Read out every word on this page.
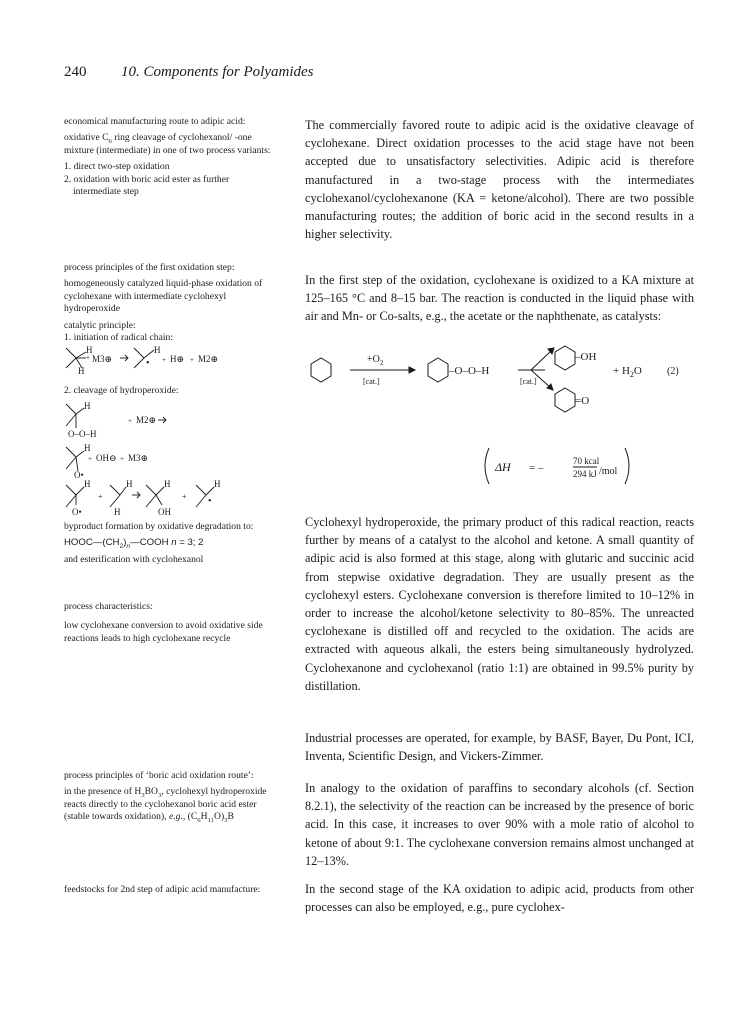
240 10. Components for Polyamides

economical manufacturing route to adipic acid:

oxidative $C_6$ ring cleavage of cyclohexanol/ -one mixture (intermediate) in one of two process variants:

1. direct two-step oxidation
2. oxidation with boric acid ester as further intermediate step

process principles of the first oxidation step:

homogeneously catalyzed liquid-phase oxidation of cyclohexane with intermediate cyclohexyl hydroperoxide

catalytic principle:

1. initiation of radical chain:
H
M3⊕
H
+	•
H
+ H⊕ + M2⊕
H
+ M2⊕
O–O–H
H
+ OH⊖ + M3⊕
O•
H
O•
+
H
H
H
OH
+
H
•
2. cleavage of hydroperoxide:

byproduct formation by oxidative degradation to:

$HOOC—(CH_2)_n—COOH$ n = 3; 2

and esterification with cyclohexanol

process characteristics:

low cyclohexane conversion to avoid oxidative side reactions leads to high cyclohexane recycle

process principles of ‘boric acid oxidation route’:

in the presence of $H_3BO_3$, cyclohexyl hydroperoxide reacts directly to the cyclohexanol boric acid ester (stable towards oxidation), e.g., $(C_6H_{11}O)_3B$

feedstocks for 2nd step of adipic acid manufacture:

The commercially favored route to adipic acid is the oxidative cleavage of cyclohexane. Direct oxidation processes to the acid stage have not been accepted due to unsatisfactory selectivities. Adipic acid is therefore manufactured in a two-stage process with the intermediates cyclohexanol/cyclohexanone (KA = ketone/alcohol). There are two possible manufacturing routes; the addition of boric acid in the second results in a higher selectivity.

In the first step of the oxidation, cyclohexane is oxidized to a KA mixture at 125–165 °C and 8–15 bar. The reaction is conducted in the liquid phase with air and Mn- or Co-salts, e.g., the acetate or the naphthenate, as catalysts:

$+O_2$
[cat.]
–O–O–H
[cat.]
–OH
=O
+ $H_2O$	(2)
ΔH = –
70 kcal
294 kJ /mol

Cyclohexyl hydroperoxide, the primary product of this radical reaction, reacts further by means of a catalyst to the alcohol and ketone. A small quantity of adipic acid is also formed at this stage, along with glutaric and succinic acid from stepwise oxidative degradation. They are usually present as the cyclohexyl esters. Cyclohexane conversion is therefore limited to 10–12% in order to increase the alcohol/ketone selectivity to 80–85%. The unreacted cyclohexane is distilled off and recycled to the oxidation. The acids are extracted with aqueous alkali, the esters being simultaneously hydrolyzed. Cyclohexanone and cyclohexanol (ratio 1:1) are obtained in 99.5% purity by distillation.

Industrial processes are operated, for example, by BASF, Bayer, Du Pont, ICI, Inventa, Scientific Design, and Vickers-Zimmer.

In analogy to the oxidation of paraffins to secondary alcohols (cf. Section 8.2.1), the selectivity of the reaction can be increased by the presence of boric acid. In this case, it increases to over 90% with a mole ratio of alcohol to ketone of about 9:1. The cyclohexane conversion remains almost unchanged at 12–13%.

In the second stage of the KA oxidation to adipic acid, products from other processes can also be employed, e.g., pure cyclohex-
